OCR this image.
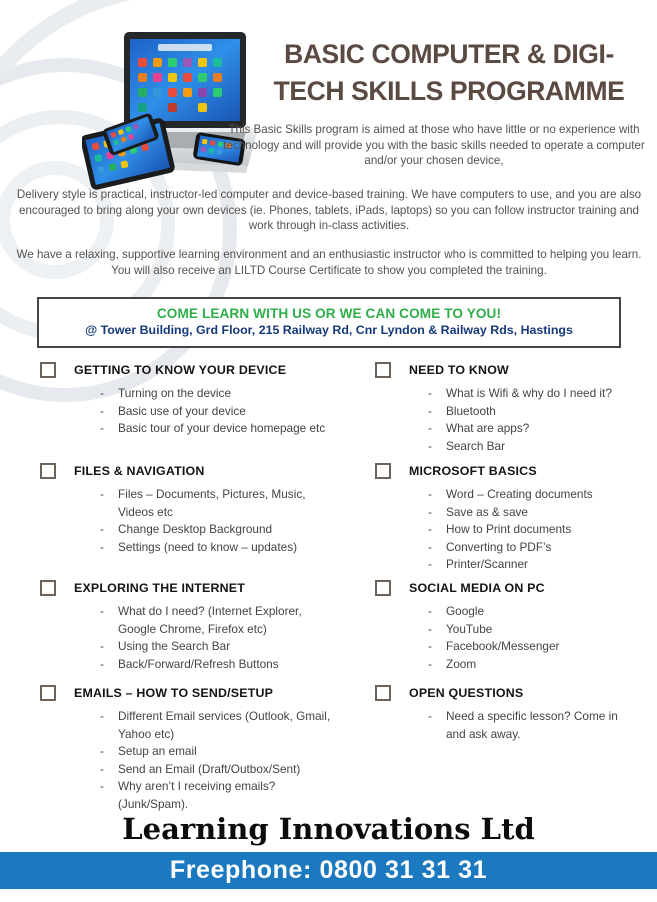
BASIC COMPUTER & DIGI-
TECH SKILLS PROGRAMME

This Basic Skills program is aimed at those who have little or no experience with technology and will provide you with the basic skills needed to operate a computer and/or your chosen device,

Delivery style is practical, instructor-led computer and device-based training. We have computers to use, and you are also encouraged to bring along your own devices (ie. Phones, tablets, iPads, laptops) so you can follow instructor training and work through in-class activities.

We have a relaxing, supportive learning environment and an enthusiastic instructor who is committed to helping you learn. You will also receive an LILTD Course Certificate to show you completed the training.

COME LEARN WITH US OR WE CAN COME TO YOU!
@ Tower Building, Grd Floor, 215 Railway Rd, Cnr Lyndon & Railway Rds, Hastings
GETTING TO KNOW YOUR DEVICE
-	Turning on the device
-	Basic use of your device
-	Basic tour of your device homepage etc
FILES & NAVIGATION
-	Files – Documents, Pictures, Music, Videos etc
-	Change Desktop Background
-	Settings (need to know – updates)
EXPLORING THE INTERNET
-	What do I need? (Internet Explorer, Google Chrome, Firefox etc)
-	Using the Search Bar
-	Back/Forward/Refresh Buttons
EMAILS – HOW TO SEND/SETUP
-	Different Email services (Outlook, Gmail, Yahoo etc)
-	Setup an email
-	Send an Email (Draft/Outbox/Sent)
-	Why aren’t I receiving emails? (Junk/Spam).
NEED TO KNOW
-	What is Wifi & why do I need it?
-	Bluetooth
-	What are apps?
-	Search Bar
MICROSOFT BASICS
-	Word – Creating documents
-	Save as & save
-	How to Print documents
-	Converting to PDF’s
-	Printer/Scanner
SOCIAL MEDIA ON PC
-	Google
-	YouTube
-	Facebook/Messenger
-	Zoom
OPEN QUESTIONS
-	Need a specific lesson? Come in and ask away.
Learning Innovations Ltd
Freephone: 0800 31 31 31
